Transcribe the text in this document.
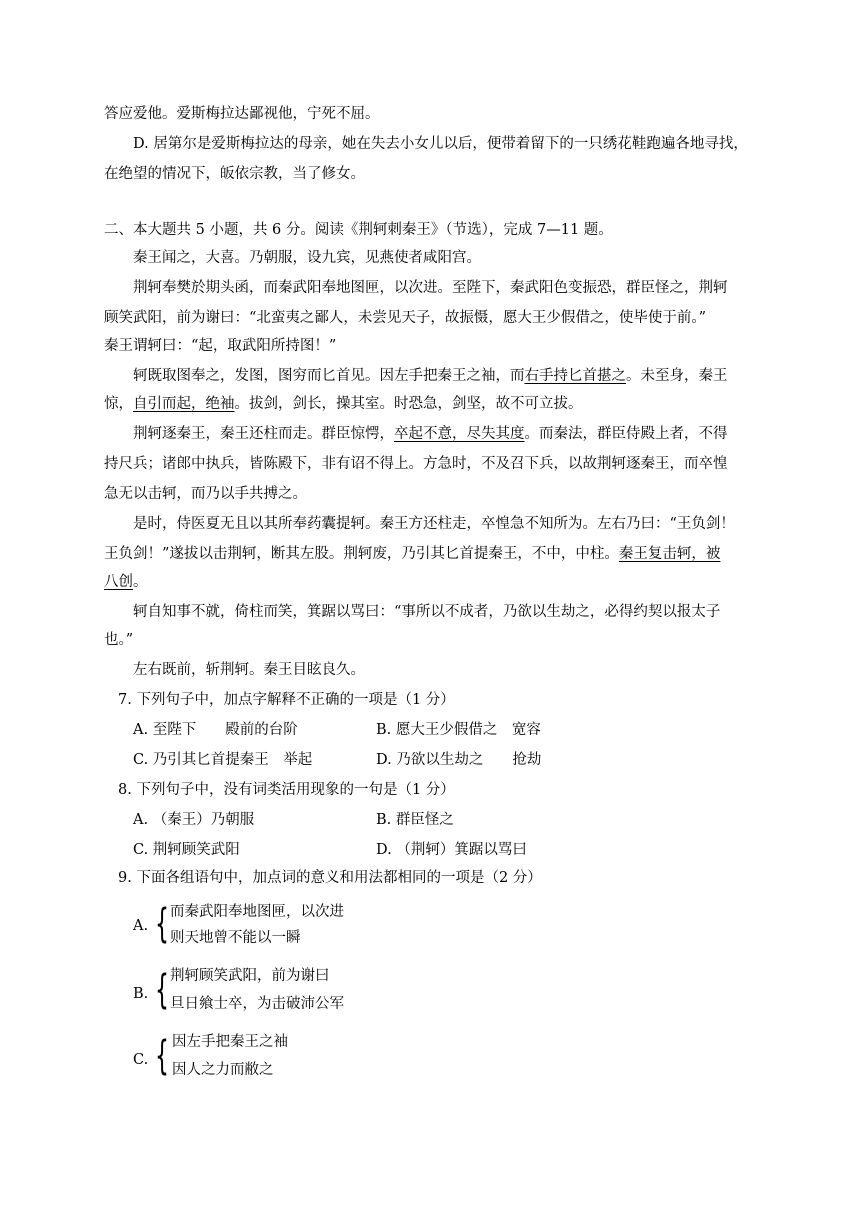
答应爱他。爱斯梅拉达鄙视他，宁死不屈。
D. 居第尔是爱斯梅拉达的母亲，她在失去小女儿以后，便带着留下的一只绣花鞋跑遍各地寻找，
在绝望的情况下，皈依宗教，当了修女。
二、本大题共 5 小题，共 6 分。阅读《荆轲刺秦王》（节选），完成 7—11 题。
秦王闻之，大喜。乃朝服，设九宾，见燕使者咸阳宫。
荆轲奉樊於期头函，而秦武阳奉地图匣，以次进。至陛下，秦武阳色变振恐，群臣怪之，荆轲
顾笑武阳，前为谢曰：“北蛮夷之鄙人，未尝见天子，故振慑，愿大王少假借之，使毕使于前。”
秦王谓轲曰：“起，取武阳所持图！”
轲既取图奉之，发图，图穷而匕首见。因左手把秦王之袖，而右手持匕首揕之。未至身，秦王
惊，自引而起，绝袖。拔剑，剑长，操其室。时恐急，剑坚，故不可立拔。
荆轲逐秦王，秦王还柱而走。群臣惊愕，卒起不意，尽失其度。而秦法，群臣侍殿上者，不得
持尺兵；诸郎中执兵，皆陈殿下，非有诏不得上。方急时，不及召下兵，以故荆轲逐秦王，而卒惶
急无以击轲，而乃以手共搏之。
是时，侍医夏无且以其所奉药囊提轲。秦王方还柱走，卒惶急不知所为。左右乃曰：“王负剑！
王负剑！”遂拔以击荆轲，断其左股。荆轲废，乃引其匕首提秦王，不中，中柱。秦王复击轲，被
八创。
轲自知事不就，倚柱而笑，箕踞以骂曰：“事所以不成者，乃欲以生劫之，必得约契以报太子
也。”
左右既前，斩荆轲。秦王目眩良久。
7. 下列句子中，加点字解释不正确的一项是（1 分）
A. 至陛下　　殿前的台阶	B. 愿大王少假借之　宽容
C. 乃引其匕首提秦王　举起	D. 乃欲以生劫之　　抢劫
8. 下列句子中，没有词类活用现象的一句是（1 分）
A. （秦王）乃朝服	B. 群臣怪之
C. 荆轲顾笑武阳	D. （荆轲）箕踞以骂曰
9. 下面各组语句中，加点词的意义和用法都相同的一项是（2 分）
A. { 而秦武阳奉地图匣，以次进
则天地曾不能以一瞬
B. { 荆轲顾笑武阳，前为谢曰
旦日飨士卒，为击破沛公军
C. { 因左手把秦王之袖
因人之力而敝之
